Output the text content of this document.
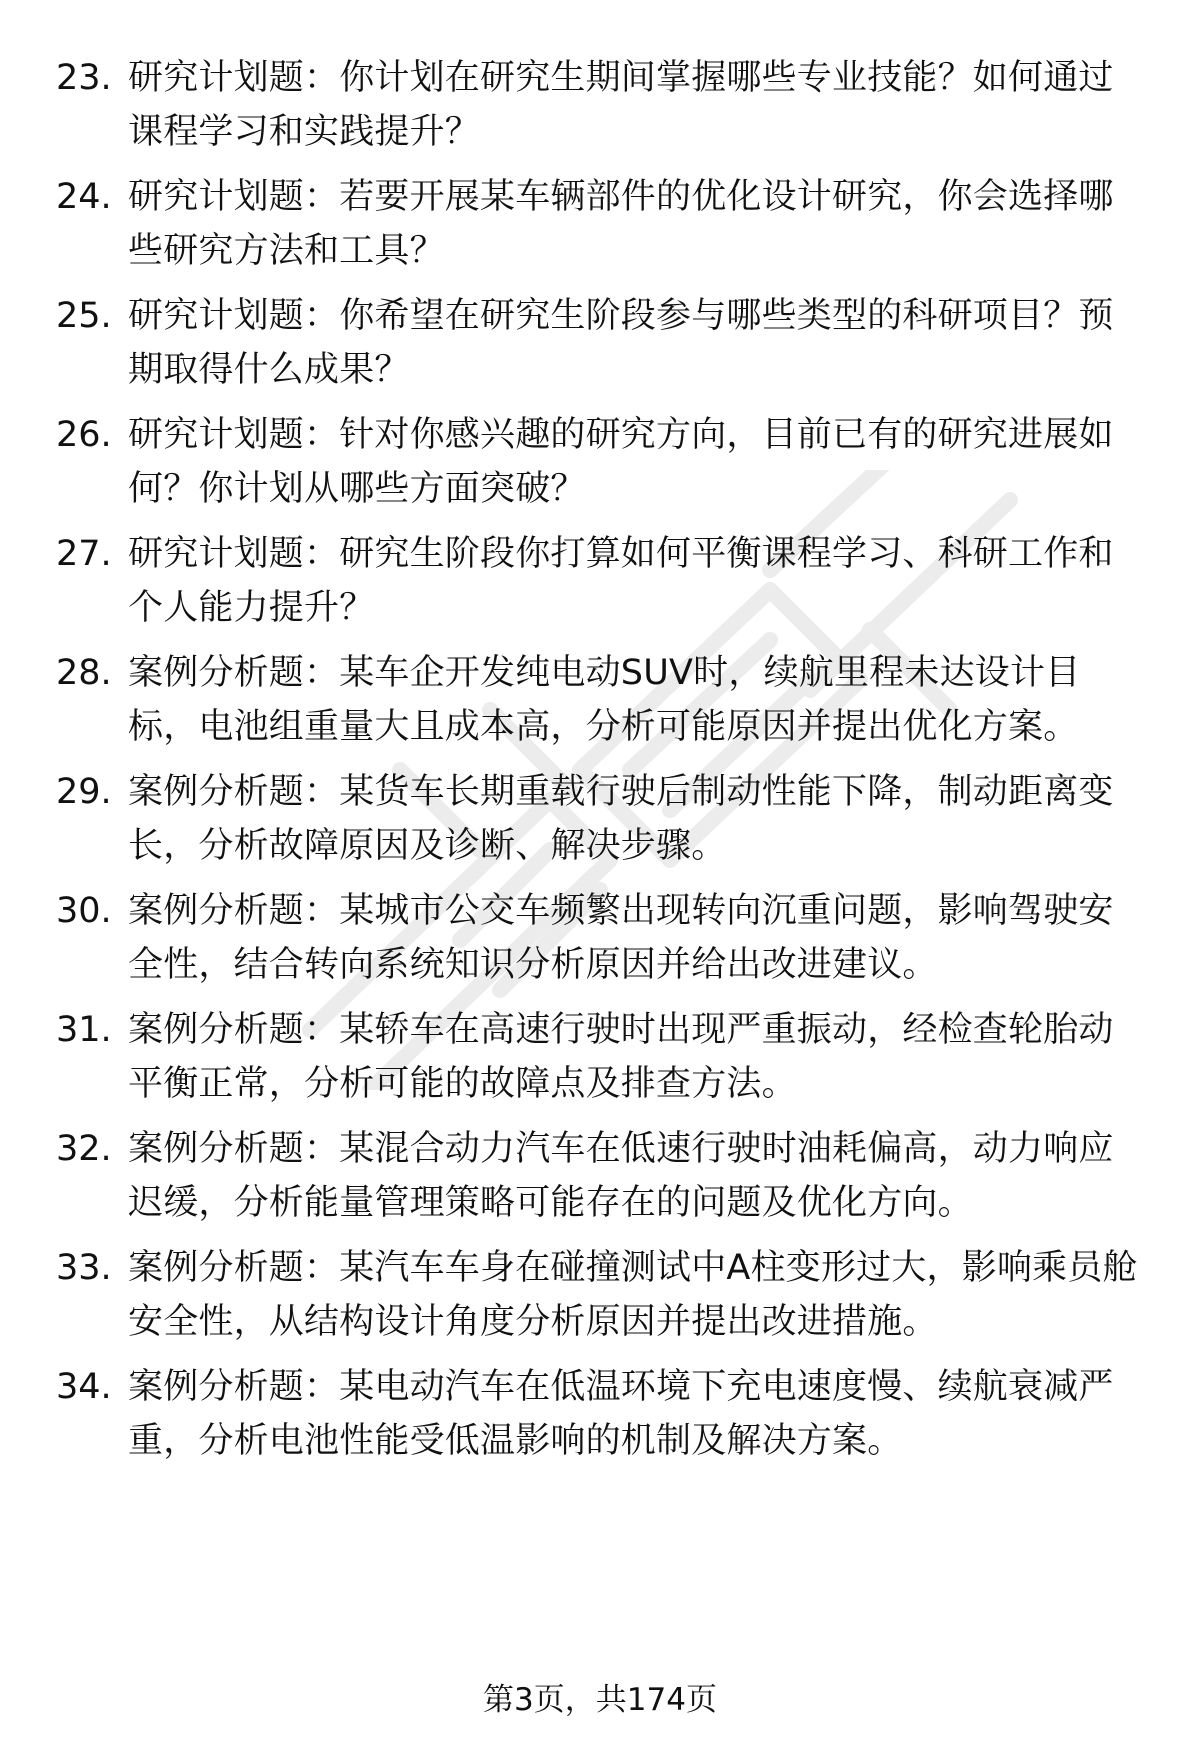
23. 研究计划题：你计划在研究生期间掌握哪些专业技能？如何通过课程学习和实践提升？
24. 研究计划题：若要开展某车辆部件的优化设计研究，你会选择哪些研究方法和工具？
25. 研究计划题：你希望在研究生阶段参与哪些类型的科研项目？预期取得什么成果？
26. 研究计划题：针对你感兴趣的研究方向，目前已有的研究进展如何？你计划从哪些方面突破？
27. 研究计划题：研究生阶段你打算如何平衡课程学习、科研工作和个人能力提升？
28. 案例分析题：某车企开发纯电动SUV时，续航里程未达设计目标，电池组重量大且成本高，分析可能原因并提出优化方案。
29. 案例分析题：某货车长期重载行驶后制动性能下降，制动距离变长，分析故障原因及诊断、解决步骤。
30. 案例分析题：某城市公交车频繁出现转向沉重问题，影响驾驶安全性，结合转向系统知识分析原因并给出改进建议。
31. 案例分析题：某轿车在高速行驶时出现严重振动，经检查轮胎动平衡正常，分析可能的故障点及排查方法。
32. 案例分析题：某混合动力汽车在低速行驶时油耗偏高，动力响应迟缓，分析能量管理策略可能存在的问题及优化方向。
33. 案例分析题：某汽车车身在碰撞测试中A柱变形过大，影响乘员舱安全性，从结构设计角度分析原因并提出改进措施。
34. 案例分析题：某电动汽车在低温环境下充电速度慢、续航衰减严重，分析电池性能受低温影响的机制及解决方案。
第3页，共174页
